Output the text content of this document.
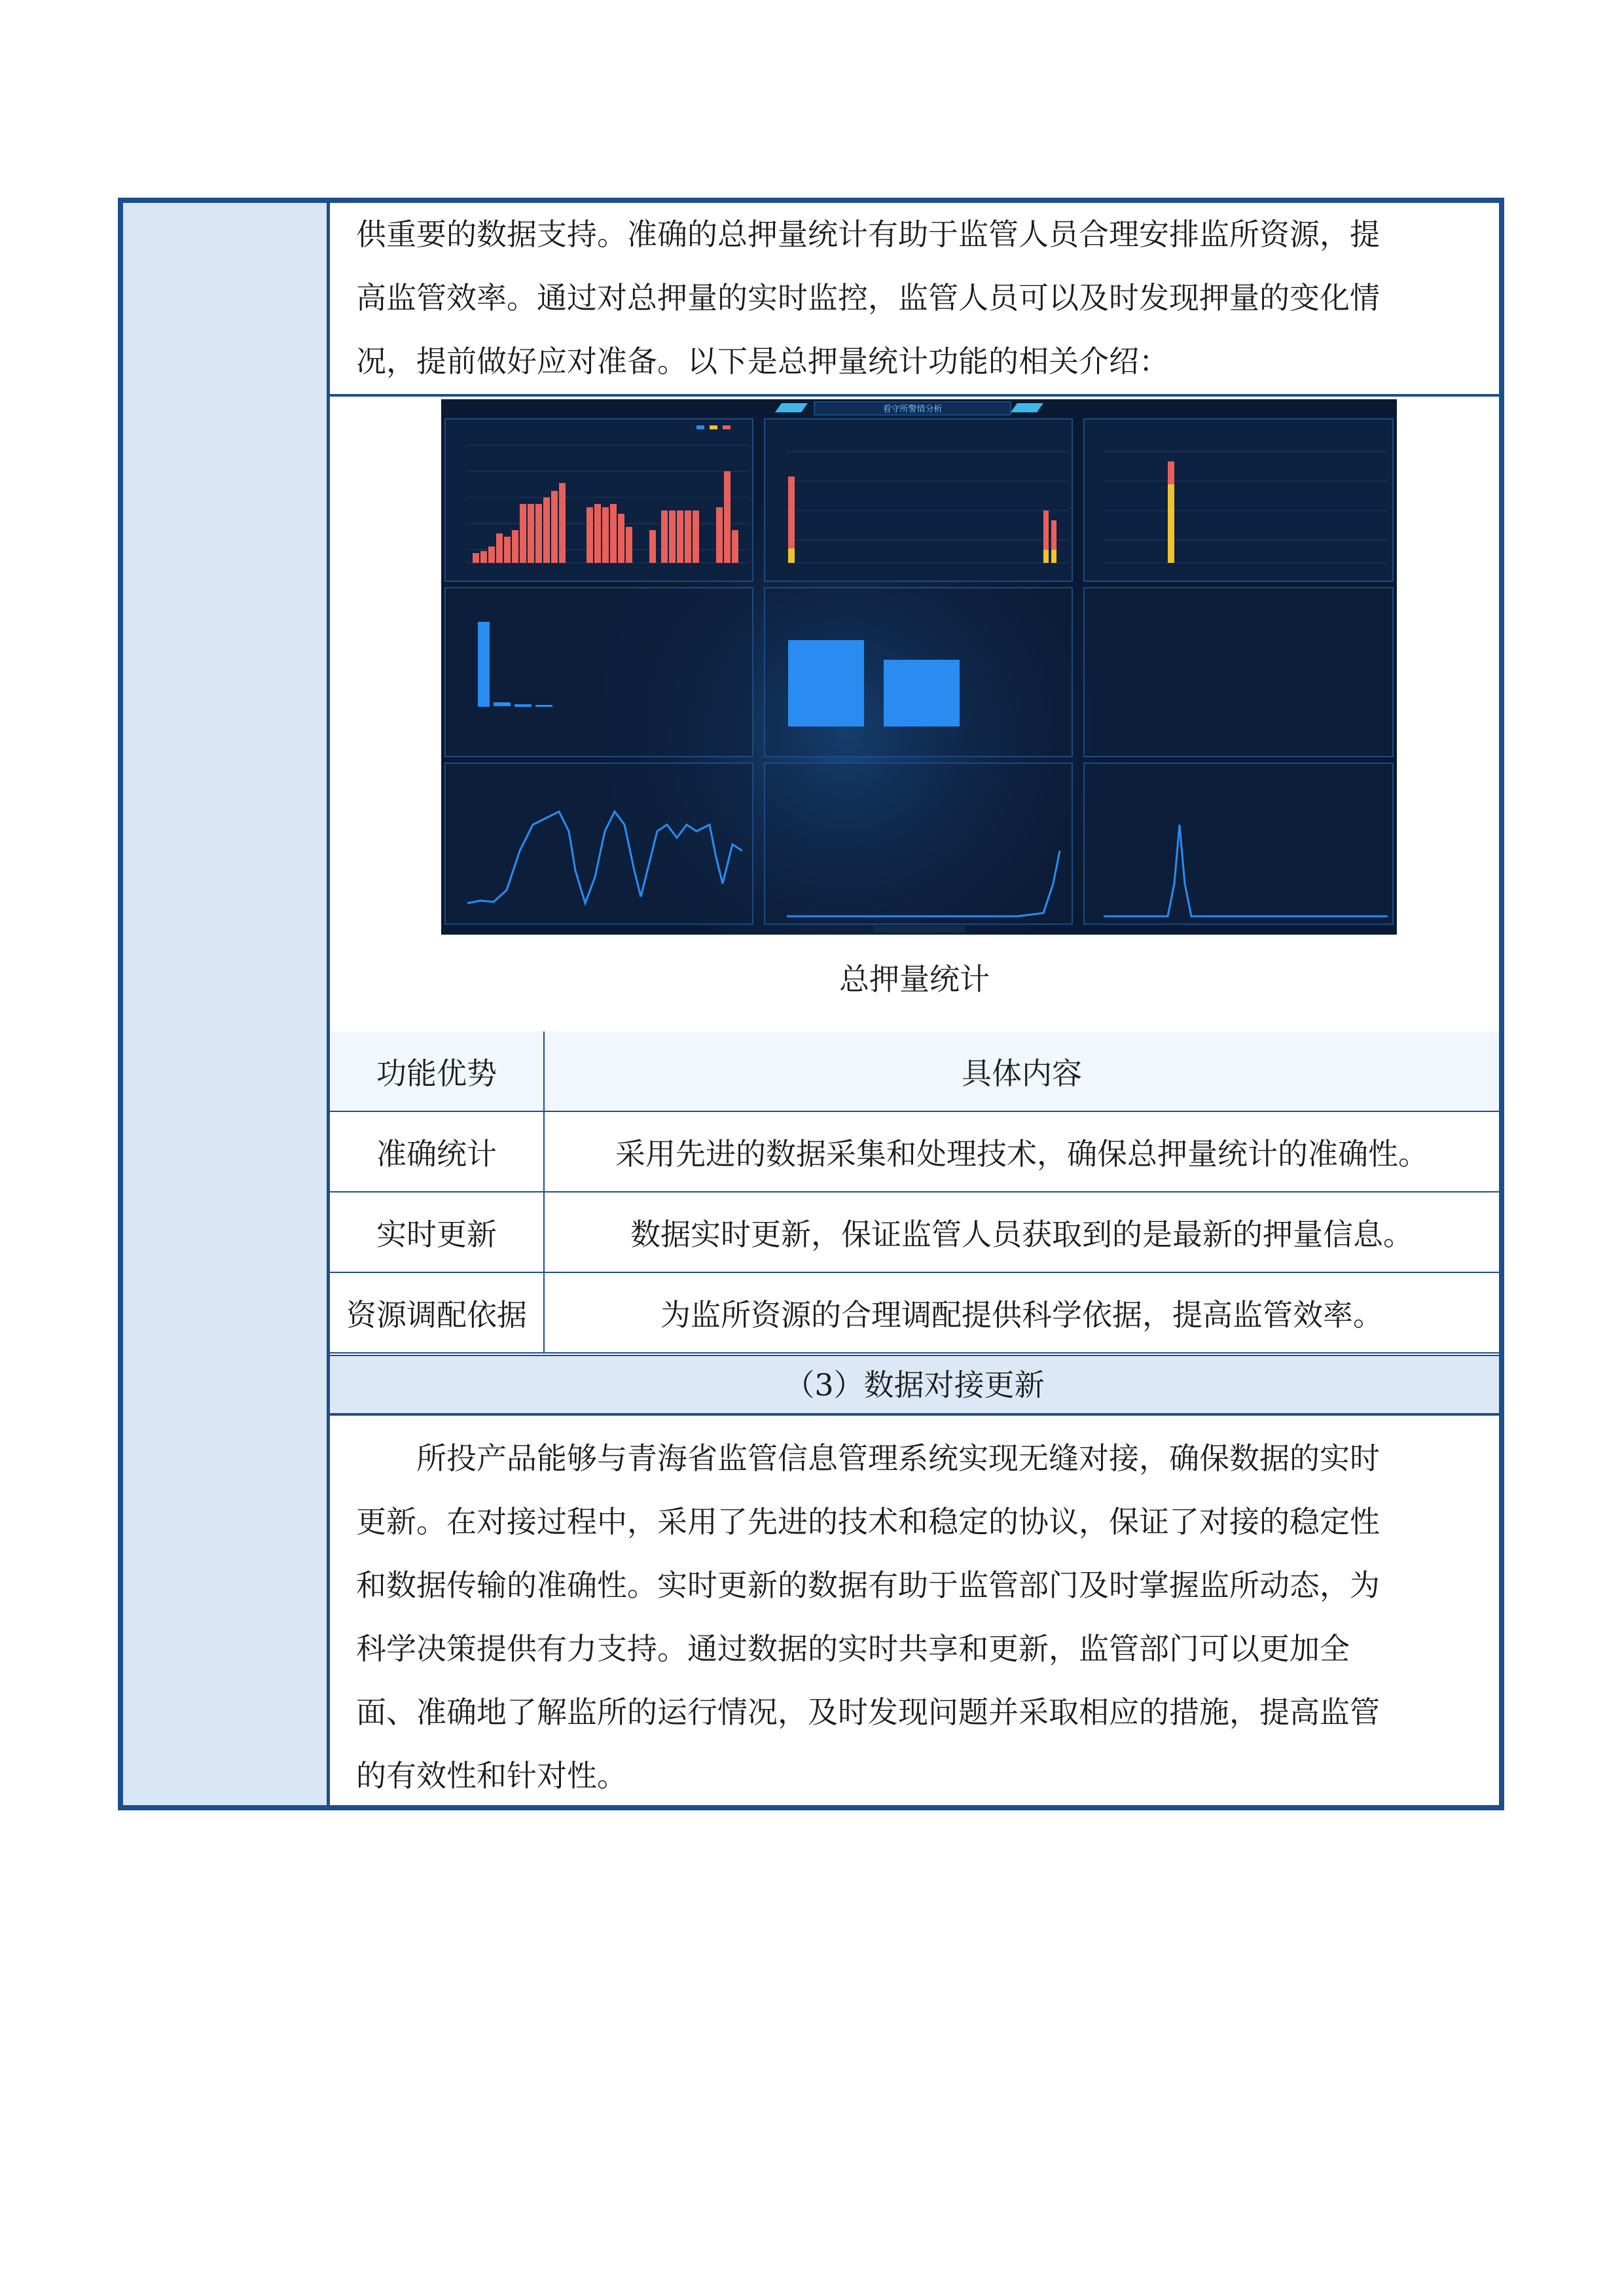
供重要的数据支持。准确的总押量统计有助于监管人员合理安排监所资源，提

高监管效率。通过对总押量的实时监控，监管人员可以及时发现押量的变化情

况，提前做好应对准备。以下是总押量统计功能的相关介绍：

看守所警情分析
总押量统计
功能优势	具体内容
准确统计	采用先进的数据采集和处理技术，确保总押量统计的准确性。
实时更新	数据实时更新，保证监管人员获取到的是最新的押量信息。
资源调配依据	为监所资源的合理调配提供科学依据，提高监管效率。
（3）数据对接更新

所投产品能够与青海省监管信息管理系统实现无缝对接，确保数据的实时

更新。在对接过程中，采用了先进的技术和稳定的协议，保证了对接的稳定性

和数据传输的准确性。实时更新的数据有助于监管部门及时掌握监所动态，为

科学决策提供有力支持。通过数据的实时共享和更新，监管部门可以更加全

面、准确地了解监所的运行情况，及时发现问题并采取相应的措施，提高监管

的有效性和针对性。
